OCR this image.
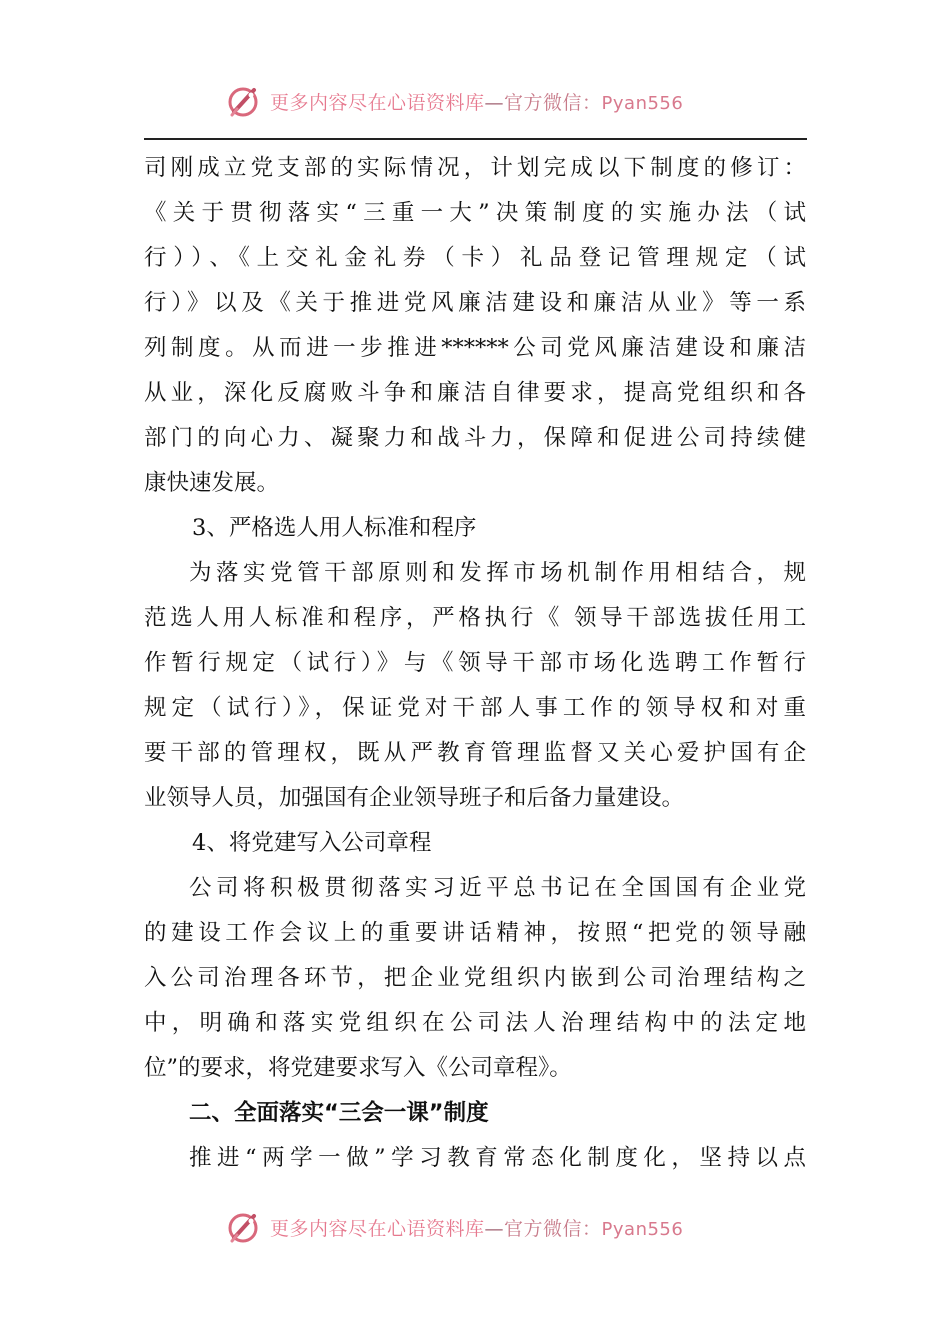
更多内容尽在心语资料库—官方微信：Pyan556
司刚成立党支部的实际情况，计划完成以下制度的修订：
《关于贯彻落实“三重一大”决策制度的实施办法（试
行））、《上交礼金礼券（卡）礼品登记管理规定（试
行）》以及《关于推进党风廉洁建设和廉洁从业》等一系
列制度。从而进一步推进******公司党风廉洁建设和廉洁
从业，深化反腐败斗争和廉洁自律要求，提高党组织和各
部门的向心力、凝聚力和战斗力，保障和促进公司持续健
康快速发展。
3、严格选人用人标准和程序
为落实党管干部原则和发挥市场机制作用相结合，规
范选人用人标准和程序，严格执行《 领导干部选拔任用工
作暂行规定（试行）》与《领导干部市场化选聘工作暂行
规定（试行）》，保证党对干部人事工作的领导权和对重
要干部的管理权，既从严教育管理监督又关心爱护国有企
业领导人员，加强国有企业领导班子和后备力量建设。
4、将党建写入公司章程
公司将积极贯彻落实习近平总书记在全国国有企业党
的建设工作会议上的重要讲话精神，按照“把党的领导融
入公司治理各环节，把企业党组织内嵌到公司治理结构之
中，明确和落实党组织在公司法人治理结构中的法定地
位”的要求，将党建要求写入《公司章程》。
二、全面落实“三会一课”制度
推进“两学一做”学习教育常态化制度化，坚持以点
更多内容尽在心语资料库—官方微信：Pyan556
